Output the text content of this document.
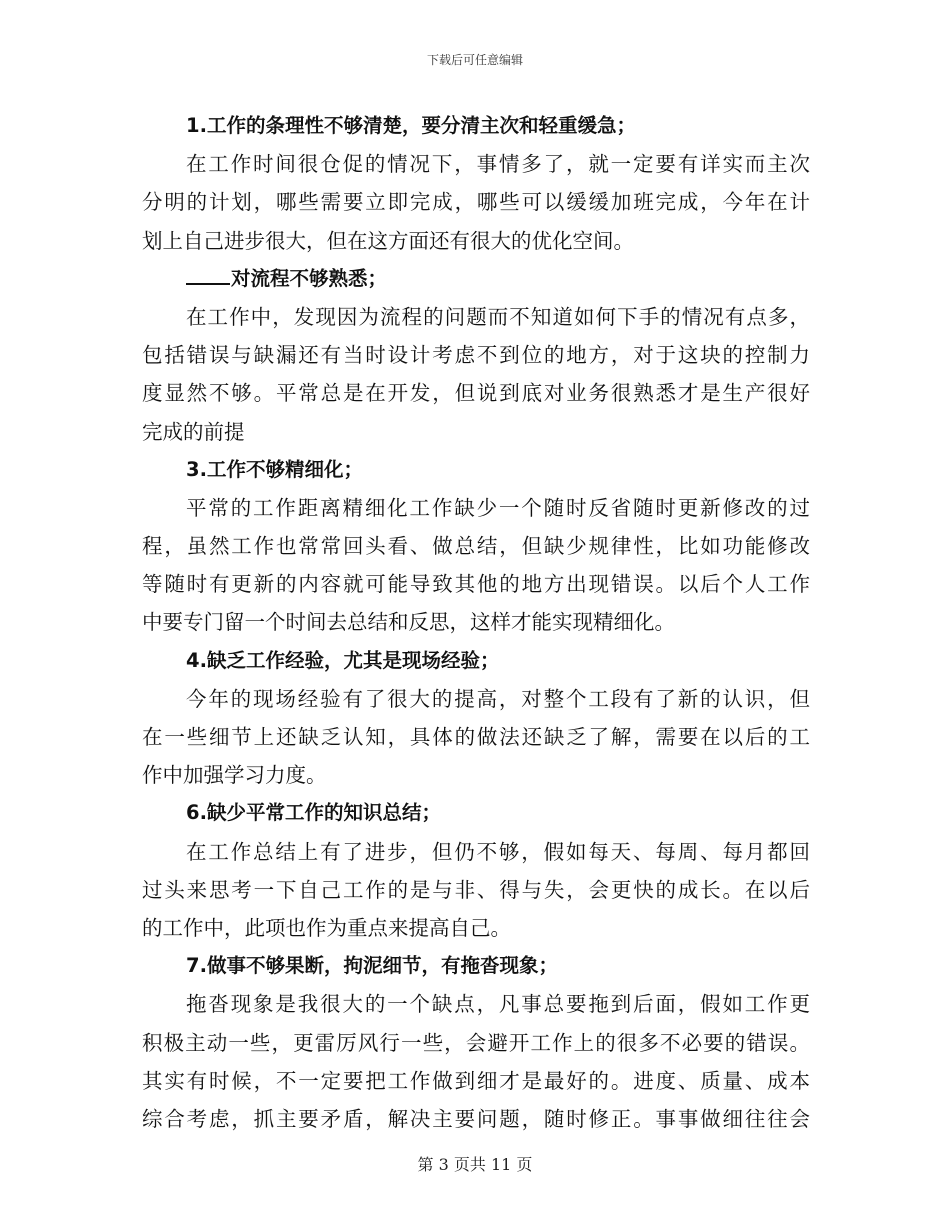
下载后可任意编辑
1.工作的条理性不够清楚，要分清主次和轻重缓急；
在工作时间很仓促的情况下，事情多了，就一定要有详实而主次
分明的计划，哪些需要立即完成，哪些可以缓缓加班完成，今年在计
划上自己进步很大，但在这方面还有很大的优化空间。
对流程不够熟悉；
在工作中，发现因为流程的问题而不知道如何下手的情况有点多，
包括错误与缺漏还有当时设计考虑不到位的地方，对于这块的控制力
度显然不够。平常总是在开发，但说到底对业务很熟悉才是生产很好
完成的前提
3.工作不够精细化；
平常的工作距离精细化工作缺少一个随时反省随时更新修改的过
程，虽然工作也常常回头看、做总结，但缺少规律性，比如功能修改
等随时有更新的内容就可能导致其他的地方出现错误。以后个人工作
中要专门留一个时间去总结和反思，这样才能实现精细化。
4.缺乏工作经验，尤其是现场经验；
今年的现场经验有了很大的提高，对整个工段有了新的认识，但
在一些细节上还缺乏认知，具体的做法还缺乏了解，需要在以后的工
作中加强学习力度。
6.缺少平常工作的知识总结；
在工作总结上有了进步，但仍不够，假如每天、每周、每月都回
过头来思考一下自己工作的是与非、得与失，会更快的成长。在以后
的工作中，此项也作为重点来提高自己。
7.做事不够果断，拘泥细节，有拖沓现象；
拖沓现象是我很大的一个缺点，凡事总要拖到后面，假如工作更
积极主动一些，更雷厉风行一些，会避开工作上的很多不必要的错误。
其实有时候，不一定要把工作做到细才是最好的。进度、质量、成本
综合考虑，抓主要矛盾，解决主要问题，随时修正。事事做细往往会
第 3 页共 11 页
